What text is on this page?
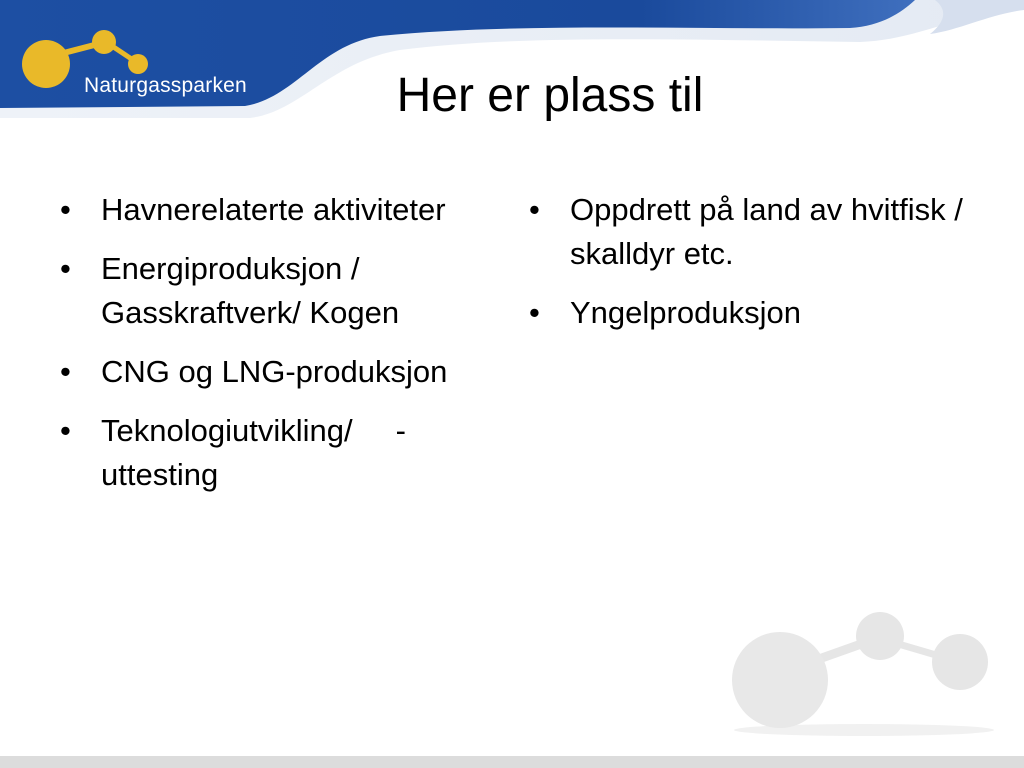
Naturgassparken	Her er plass til
• Havnerelaterte aktiviteter
• Energiproduksjon / Gasskraftverk/ Kogen
• CNG og LNG-produksjon
• Teknologiutvikling/     -uttesting
• Oppdrett på land av hvitfisk / skalldyr etc.
• Yngelproduksjon
